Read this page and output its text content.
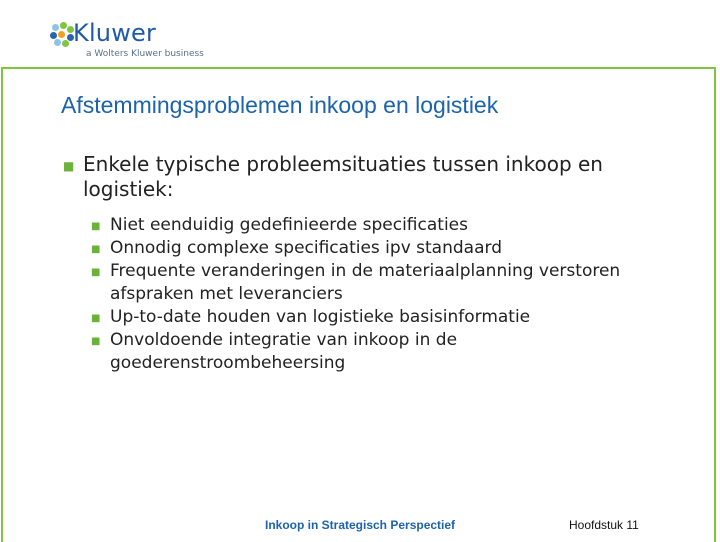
Kluwer
a Wolters Kluwer business
Afstemmingsproblemen inkoop en logistiek
■ Enkele typische probleemsituaties tussen inkoop en logistiek:
■ Niet eenduidig gedefinieerde specificaties
■ Onnodig complexe specificaties ipv standaard
■ Frequente veranderingen in de materiaalplanning verstoren afspraken met leveranciers
■ Up-to-date houden van logistieke basisinformatie
■ Onvoldoende integratie van inkoop in de goederenstroombeheersing
Inkoop in Strategisch Perspectief	Hoofdstuk 11
